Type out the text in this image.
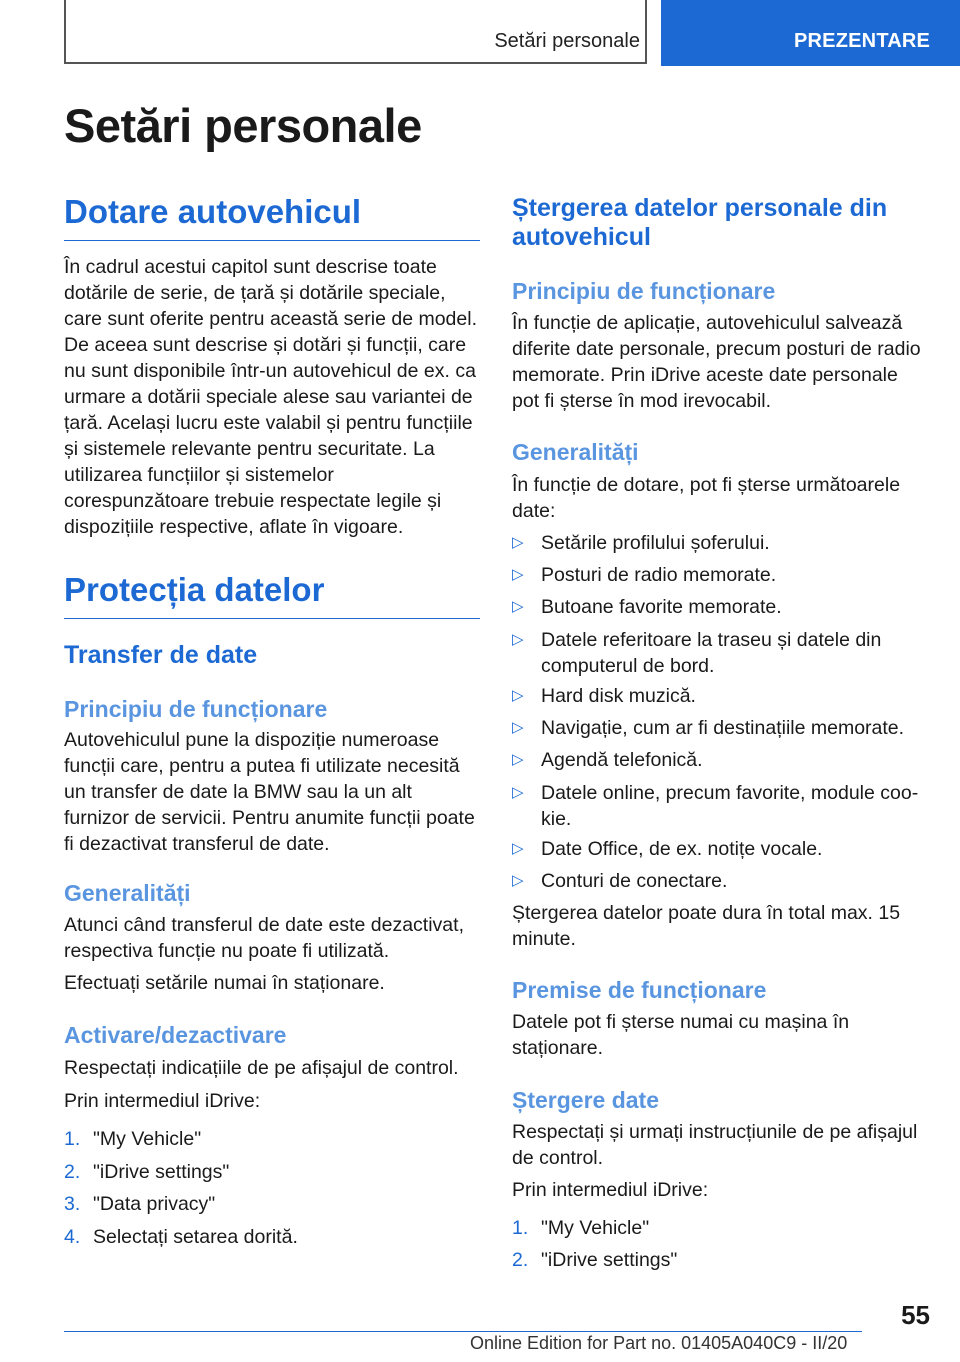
Setări personale	PREZENTARE
Setări personale
Dotare autovehicul

În cadrul acestui capitol sunt descrise toate dotările de serie, de țară și dotările speciale, care sunt oferite pentru această serie de model. De aceea sunt descrise și dotări și funcții, care nu sunt disponibile într-un autovehicul de ex. ca urmare a dotării speciale alese sau variantei de țară. Același lucru este valabil și pentru funcțiile și sistemele relevante pentru securitate. La utilizarea funcțiilor și sistemelor corespunzătoare trebuie respectate legile și dispozițiile respective, aflate în vigoare.

Protecția datelor
Transfer de date
Principiu de funcționare

Autovehiculul pune la dispoziție numeroase funcții care, pentru a putea fi utilizate necesită un transfer de date la BMW sau la un alt furnizor de servicii. Pentru anumite funcții poate fi dezactivat transferul de date.

Generalități

Atunci când transferul de date este dezactivat, respectiva funcție nu poate fi utilizată.

Efectuați setările numai în staționare.

Activare/dezactivare

Respectați indicațiile de pe afișajul de control.

Prin intermediul iDrive:

1. "My Vehicle"
2. "iDrive settings"
3. "Data privacy"
4. Selectați setarea dorită.
Ștergerea datelor personale din autovehicul
Principiu de funcționare

În funcție de aplicație, autovehiculul salvează diferite date personale, precum posturi de radio memorate. Prin iDrive aceste date personale pot fi șterse în mod irevocabil.

Generalități

În funcție de dotare, pot fi șterse următoarele date:

▷ Setările profilului șoferului.
▷ Posturi de radio memorate.
▷ Butoane favorite memorate.
▷ Datele referitoare la traseu și datele din computerul de bord.
▷ Hard disk muzică.
▷ Navigație, cum ar fi destinațiile memorate.
▷ Agendă telefonică.
▷ Datele online, precum favorite, module cookie.
▷ Date Office, de ex. notițe vocale.
▷ Conturi de conectare.

Ștergerea datelor poate dura în total max. 15 minute.

Premise de funcționare

Datele pot fi șterse numai cu mașina în staționare.

Ștergere date

Respectați și urmați instrucțiunile de pe afișajul de control.

Prin intermediul iDrive:

1. "My Vehicle"
2. "iDrive settings"
55
Online Edition for Part no. 01405A040C9 - II/20
